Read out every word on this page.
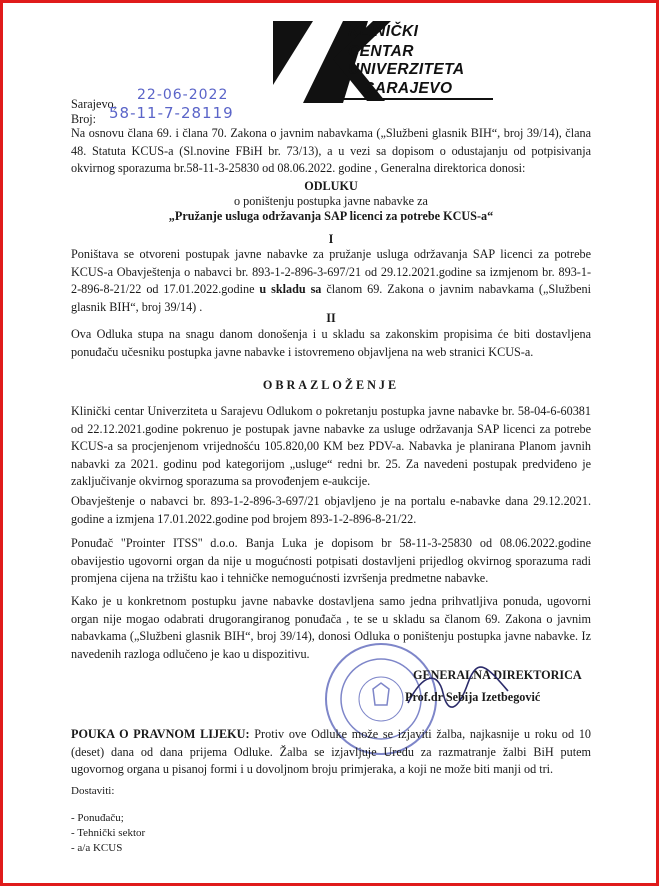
KLINIČKI
CENTAR
UNIVERZITETA
SARAJEVO
Sarajevo,
22-06-2022
Broj: 58-11-7-28119

Na osnovu člana 69. i člana 70. Zakona o javnim nabavkama („Službeni glasnik BIH“, broj 39/14), člana 48. Statuta KCUS-a (Sl.novine FBiH br. 73/13), a u vezi sa dopisom o odustajanju od potpisivanja okvirnog sporazuma br.58-11-3-25830 od 08.06.2022. godine , Generalna direktorica donosi:

ODLUKU
o poništenju postupka javne nabavke za
„Pružanje usluga održavanja SAP licenci za potrebe KCUS-a“
I

Poništava se otvoreni postupak javne nabavke za pružanje usluga održavanja SAP licenci za potrebe KCUS-a Obavještenja o nabavci br. 893-1-2-896-3-697/21 od 29.12.2021.godine sa izmjenom br. 893-1-2-896-8-21/22 od 17.01.2022.godine u skladu sa članom 69. Zakona o javnim nabavkama („Službeni glasnik BIH“, broj 39/14) .

II

Ova Odluka stupa na snagu danom donošenja i u skladu sa zakonskim propisima će biti dostavljena ponuđaču učesniku postupka javne nabavke i istovremeno objavljena na web stranici KCUS-a.

OBRAZLOŽENJE

Klinički centar Univerziteta u Sarajevu Odlukom o pokretanju postupka javne nabavke br. 58-04-6-60381 od 22.12.2021.godine pokrenuo je postupak javne nabavke za usluge održavanja SAP licenci za potrebe KCUS-a sa procjenjenom vrijednošću 105.820,00 KM bez PDV-a. Nabavka je planirana Planom javnih nabavki za 2021. godinu pod kategorijom „usluge“ redni br. 25. Za navedeni postupak predviđeno je zaključivanje okvirnog sporazuma sa provođenjem e-aukcije.

Obavještenje o nabavci br. 893-1-2-896-3-697/21 objavljeno je na portalu e-nabavke dana 29.12.2021. godine a izmjena 17.01.2022.godine pod brojem 893-1-2-896-8-21/22.

Ponuđač "Prointer ITSS'' d.o.o. Banja Luka je dopisom br 58-11-3-25830 od 08.06.2022.godine obavijestio ugovorni organ da nije u mogućnosti potpisati dostavljeni prijedlog okvirnog sporazuma radi promjena cijena na tržištu kao i tehničke nemogućnosti izvršenja predmetne nabavke.

Kako je u konkretnom postupku javne nabavke dostavljena samo jedna prihvatljiva ponuda, ugovorni organ nije mogao odabrati drugorangiranog ponuđača , te se u skladu sa članom 69. Zakona o javnim nabavkama („Službeni glasnik BIH“, broj 39/14), donosi Odluka o poništenju postupka javne nabavke. Iz navedenih razloga odlučeno je kao u dispozitivu.

GENERALNA DIREKTORICA
Prof.dr Sebija Izetbegović

POUKA O PRAVNOM LIJEKU: Protiv ove Odluke može se izjaviti žalba, najkasnije u roku od 10 (deset) dana od dana prijema Odluke. Žalba se izjavljuje Uredu za razmatranje žalbi BiH putem ugovornog organa u pisanoj formi i u dovoljnom broju primjeraka, a koji ne može biti manji od tri.

Dostaviti:
- Ponuđaču;
- Tehnički sektor
- a/a KCUS
